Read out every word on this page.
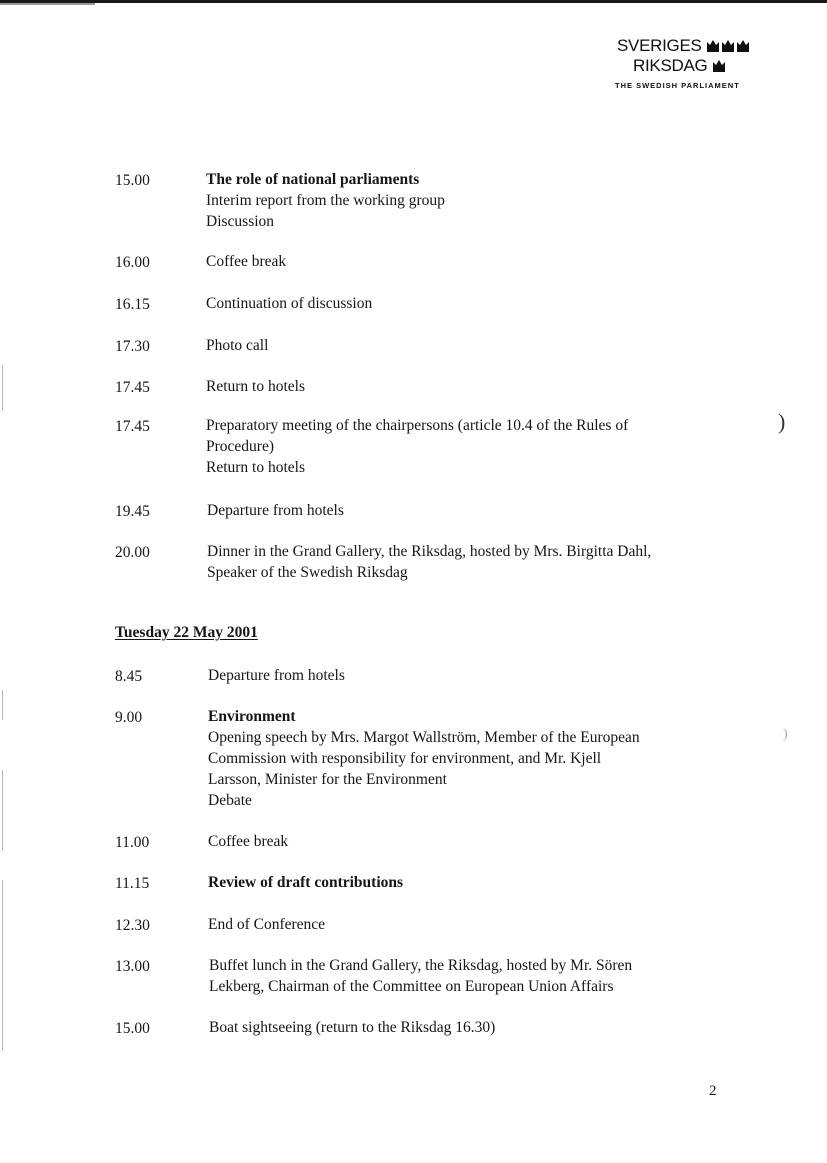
)
)
SVERIGES
RIKSDAG
THE SWEDISH PARLIAMENT
15.00	The role of national parliaments
Interim report from the working group
Discussion
16.00	Coffee break
16.15	Continuation of discussion
17.30	Photo call
17.45	Return to hotels
17.45	Preparatory meeting of the chairpersons (article 10.4 of the Rules of
Procedure)
Return to hotels
19.45	Departure from hotels
20.00	Dinner in the Grand Gallery, the Riksdag, hosted by Mrs. Birgitta Dahl,
Speaker of the Swedish Riksdag
Tuesday 22 May 2001
8.45	Departure from hotels
9.00	Environment
Opening speech by Mrs. Margot Wallström, Member of the European
Commission with responsibility for environment, and Mr. Kjell
Larsson, Minister for the Environment
Debate
11.00	Coffee break
11.15	Review of draft contributions
12.30	End of Conference
13.00	Buffet lunch in the Grand Gallery, the Riksdag, hosted by Mr. Sören
Lekberg, Chairman of the Committee on European Union Affairs
15.00	Boat sightseeing (return to the Riksdag 16.30)
2
